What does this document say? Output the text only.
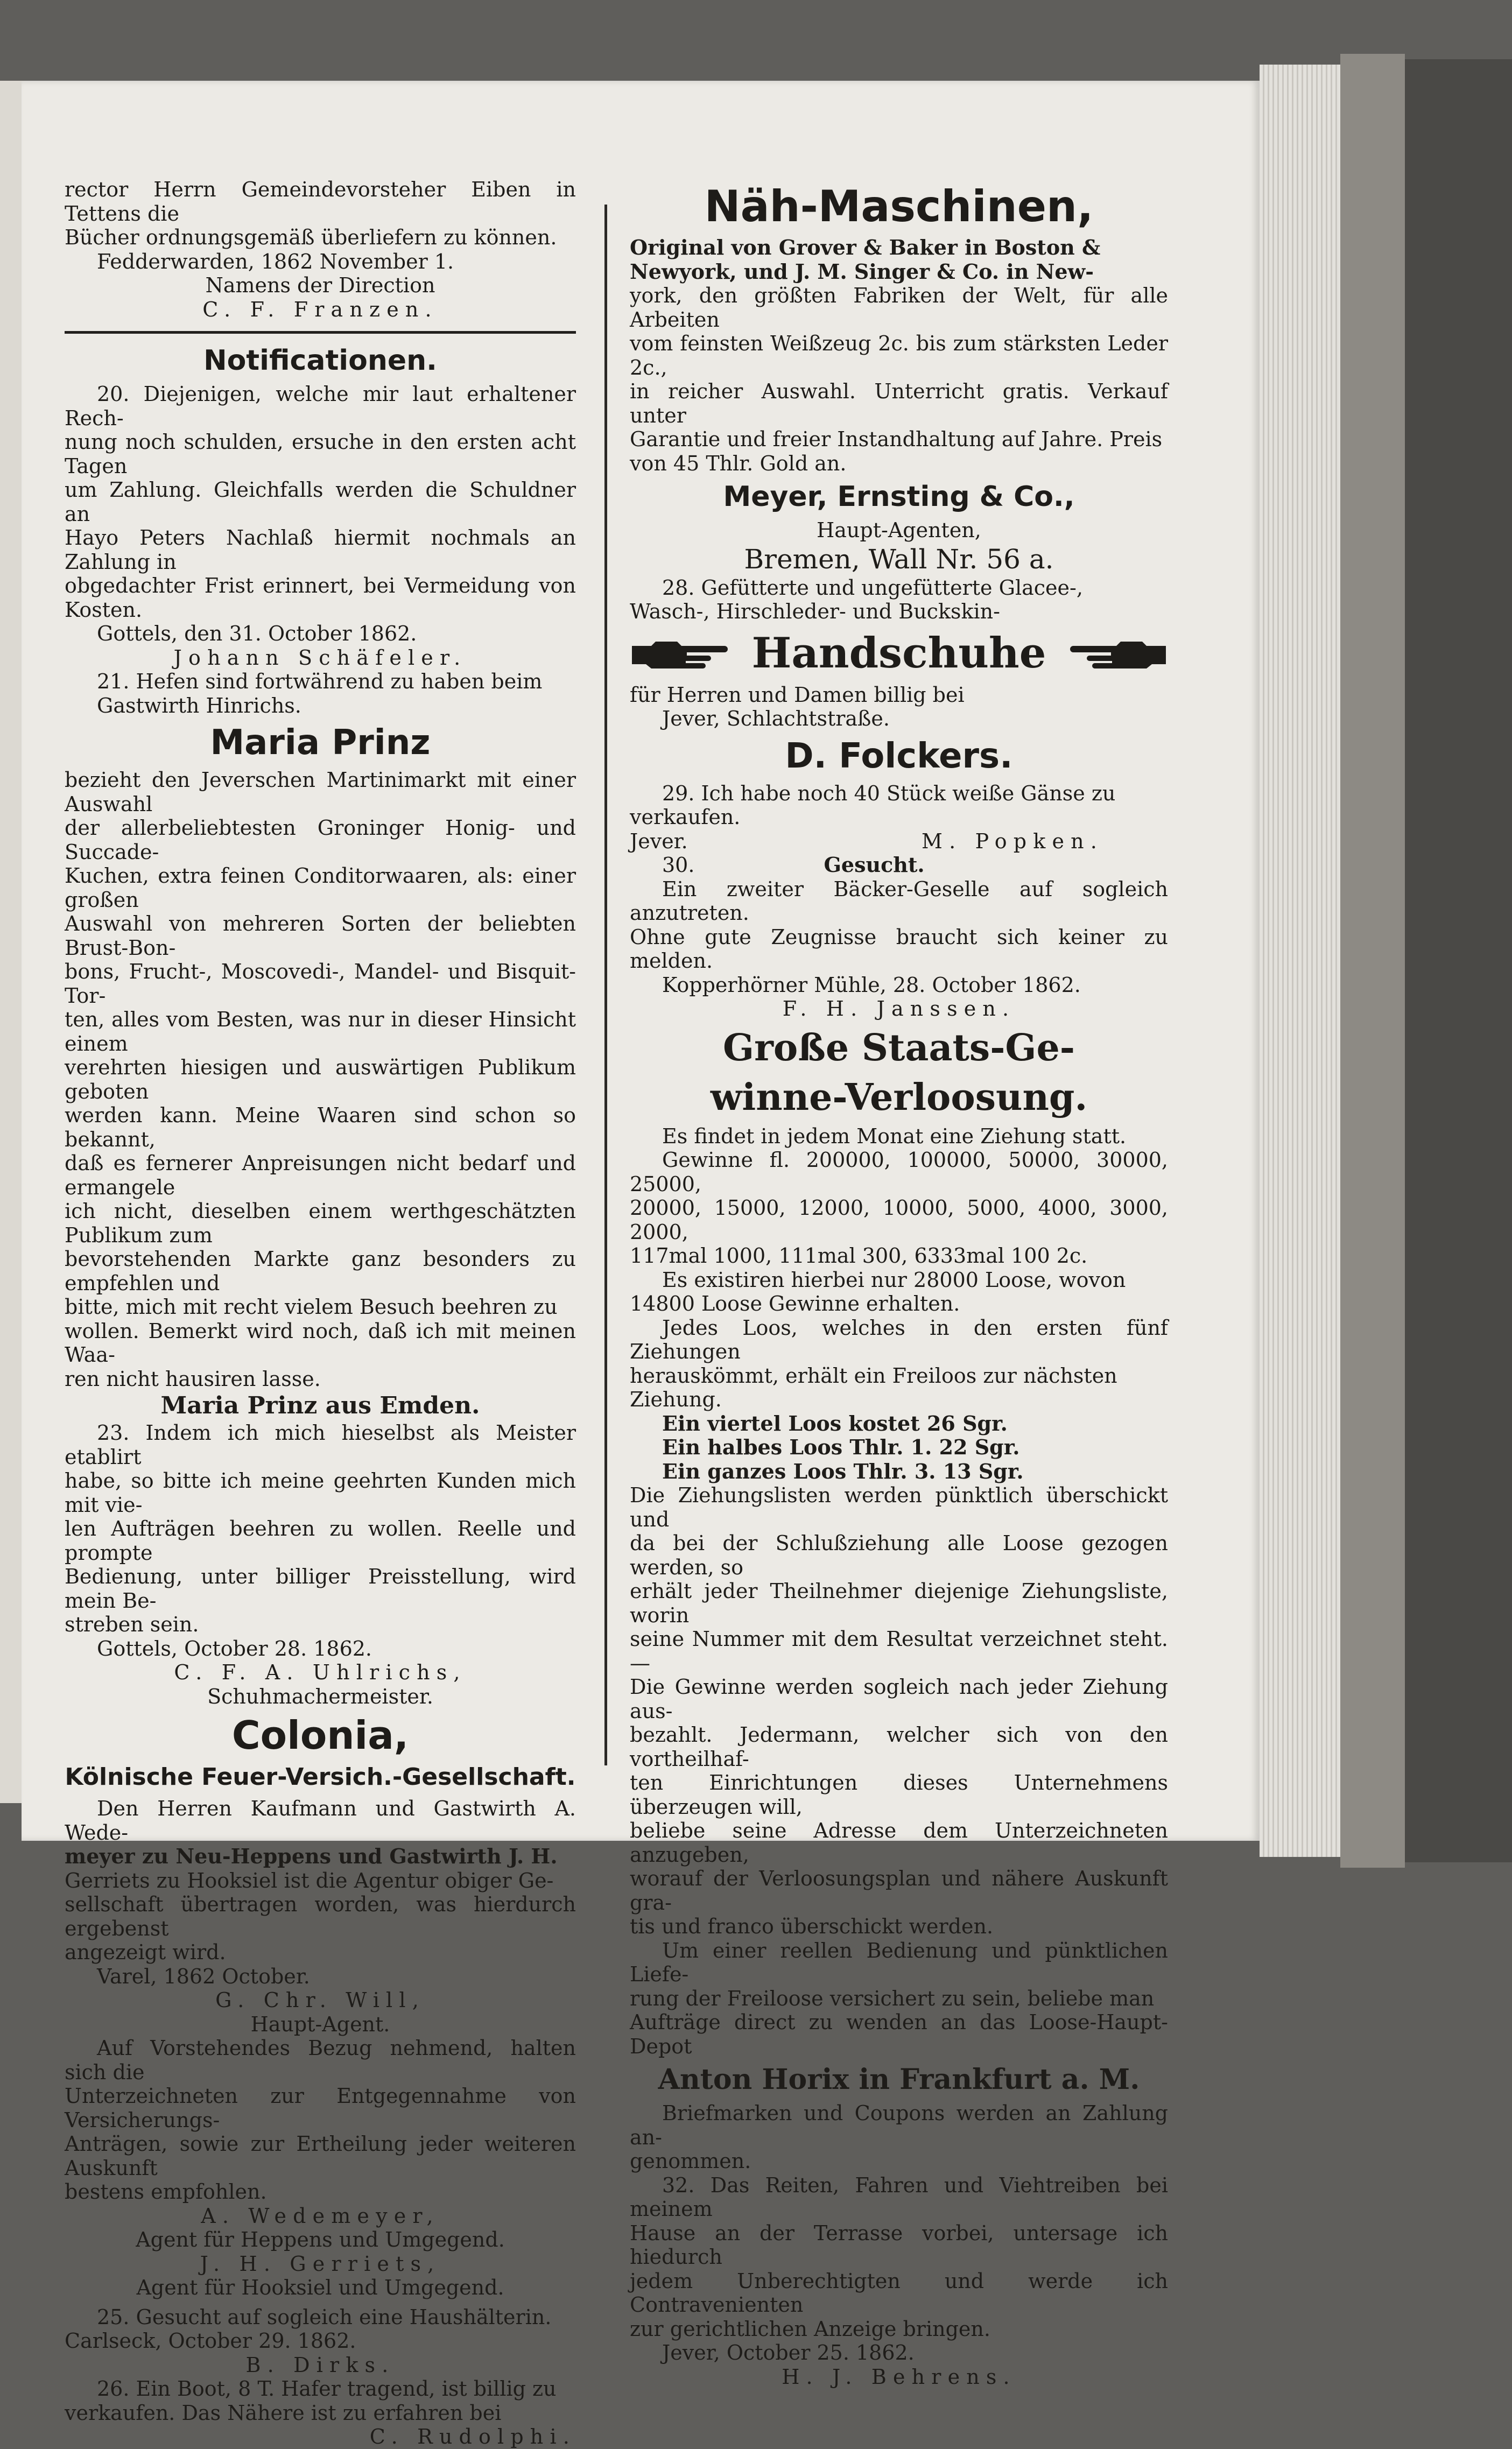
rector Herrn Gemeindevorsteher Eiben in Tettens die

Bücher ordnungsgemäß überliefern zu können.

Fedderwarden, 1862 November 1.

Namens der Direction

C. F. Franzen.

Notificationen.

20. Diejenigen, welche mir laut erhaltener Rech-

nung noch schulden, ersuche in den ersten acht Tagen

um Zahlung. Gleichfalls werden die Schuldner an

Hayo Peters Nachlaß hiermit nochmals an Zahlung in

obgedachter Frist erinnert, bei Vermeidung von Kosten.

Gottels, den 31. October 1862.

Johann Schäfeler.

21. Hefen sind fortwährend zu haben beim

Gastwirth Hinrichs.

Maria Prinz

bezieht den Jeverschen Martinimarkt mit einer Auswahl

der allerbeliebtesten Groninger Honig- und Succade-

Kuchen, extra feinen Conditorwaaren, als: einer großen

Auswahl von mehreren Sorten der beliebten Brust-Bon-

bons, Frucht-, Moscovedi-, Mandel- und Bisquit-Tor-

ten, alles vom Besten, was nur in dieser Hinsicht einem

verehrten hiesigen und auswärtigen Publikum geboten

werden kann. Meine Waaren sind schon so bekannt,

daß es fernerer Anpreisungen nicht bedarf und ermangele

ich nicht, dieselben einem werthgeschätzten Publikum zum

bevorstehenden Markte ganz besonders zu empfehlen und

bitte, mich mit recht vielem Besuch beehren zu

wollen. Bemerkt wird noch, daß ich mit meinen Waa-

ren nicht hausiren lasse.

Maria Prinz aus Emden.

23. Indem ich mich hieselbst als Meister etablirt

habe, so bitte ich meine geehrten Kunden mich mit vie-

len Aufträgen beehren zu wollen. Reelle und prompte

Bedienung, unter billiger Preisstellung, wird mein Be-

streben sein.

Gottels, October 28. 1862.

C. F. A. Uhlrichs,

Schuhmachermeister.

Colonia,
Kölnische Feuer-Versich.-Gesellschaft.

Den Herren Kaufmann und Gastwirth A. Wede-

meyer zu Neu-Heppens und Gastwirth J. H.

Gerriets zu Hooksiel ist die Agentur obiger Ge-

sellschaft übertragen worden, was hierdurch ergebenst

angezeigt wird.

Varel, 1862 October.

G. Chr. Will,

Haupt-Agent.

Auf Vorstehendes Bezug nehmend, halten sich die

Unterzeichneten zur Entgegennahme von Versicherungs-

Anträgen, sowie zur Ertheilung jeder weiteren Auskunft

bestens empfohlen.

A. Wedemeyer,

Agent für Heppens und Umgegend.

J. H. Gerriets,

Agent für Hooksiel und Umgegend.

25. Gesucht auf sogleich eine Haushälterin.

Carlseck, October 29. 1862.

B. Dirks.

26. Ein Boot, 8 T. Hafer tragend, ist billig zu

verkaufen. Das Nähere ist zu erfahren bei

C. Rudolphi.

Näh-Maschinen,

Original von Grover & Baker in Boston &

Newyork, und J. M. Singer & Co. in New-

york, den größten Fabriken der Welt, für alle Arbeiten

vom feinsten Weißzeug 2c. bis zum stärksten Leder 2c.,

in reicher Auswahl. Unterricht gratis. Verkauf unter

Garantie und freier Instandhaltung auf Jahre. Preis

von 45 Thlr. Gold an.

Meyer, Ernsting & Co.,

Haupt-Agenten,

Bremen, Wall Nr. 56 a.

28. Gefütterte und ungefütterte Glacee-,

Wasch-, Hirschleder- und Buckskin-

Handschuhe

für Herren und Damen billig bei

Jever, Schlachtstraße.

D. Folckers.

29. Ich habe noch 40 Stück weiße Gänse zu

verkaufen.

Jever.	M. Popken.
30.	Gesucht.

Ein zweiter Bäcker-Geselle auf sogleich anzutreten.

Ohne gute Zeugnisse braucht sich keiner zu melden.

Kopperhörner Mühle, 28. October 1862.

F. H. Janssen.

Große Staats-Ge-
winne-Verloosung.

Es findet in jedem Monat eine Ziehung statt.

Gewinne fl. 200000, 100000, 50000, 30000, 25000,

20000, 15000, 12000, 10000, 5000, 4000, 3000, 2000,

117mal 1000, 111mal 300, 6333mal 100 2c.

Es existiren hierbei nur 28000 Loose, wovon

14800 Loose Gewinne erhalten.

Jedes Loos, welches in den ersten fünf Ziehungen

herauskömmt, erhält ein Freiloos zur nächsten

Ziehung.

Ein viertel Loos kostet 26 Sgr.

Ein halbes Loos Thlr. 1. 22 Sgr.

Ein ganzes Loos Thlr. 3. 13 Sgr.

Die Ziehungslisten werden pünktlich überschickt und

da bei der Schlußziehung alle Loose gezogen werden, so

erhält jeder Theilnehmer diejenige Ziehungsliste, worin

seine Nummer mit dem Resultat verzeichnet steht. —

Die Gewinne werden sogleich nach jeder Ziehung aus-

bezahlt. Jedermann, welcher sich von den vortheilhaf-

ten Einrichtungen dieses Unternehmens überzeugen will,

beliebe seine Adresse dem Unterzeichneten anzugeben,

worauf der Verloosungsplan und nähere Auskunft gra-

tis und franco überschickt werden.

Um einer reellen Bedienung und pünktlichen Liefe-

rung der Freiloose versichert zu sein, beliebe man

Aufträge direct zu wenden an das Loose-Haupt-Depot

Anton Horix in Frankfurt a. M.

Briefmarken und Coupons werden an Zahlung an-

genommen.

32. Das Reiten, Fahren und Viehtreiben bei meinem

Hause an der Terrasse vorbei, untersage ich hiedurch

jedem Unberechtigten und werde ich Contravenienten

zur gerichtlichen Anzeige bringen.

Jever, October 25. 1862.

H. J. Behrens.
